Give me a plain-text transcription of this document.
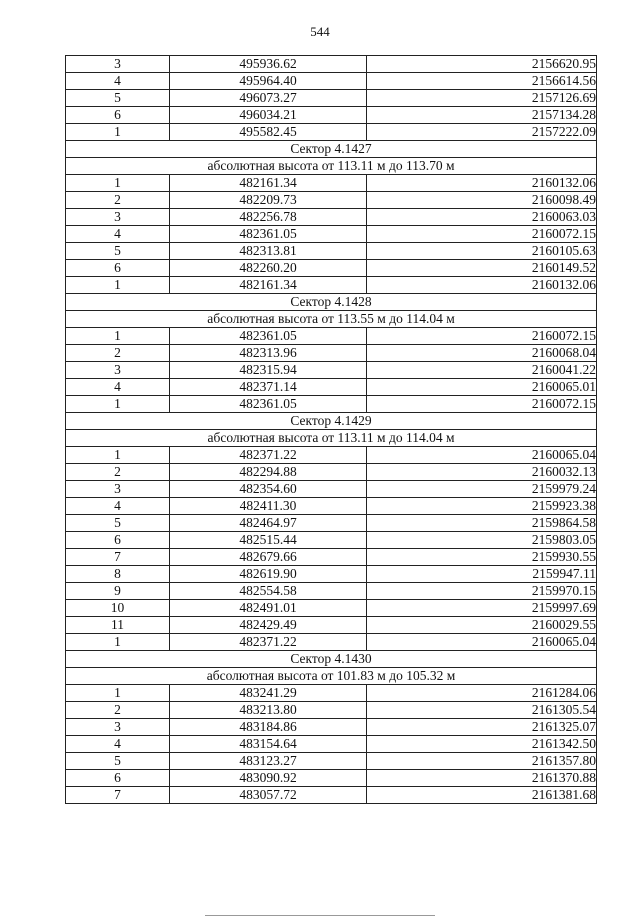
544
3	495936.62	2156620.95
4	495964.40	2156614.56
5	496073.27	2157126.69
6	496034.21	2157134.28
1	495582.45	2157222.09
Сектор 4.1427		
абсолютная высота от 113.11 м до 113.70 м		
1	482161.34	2160132.06
2	482209.73	2160098.49
3	482256.78	2160063.03
4	482361.05	2160072.15
5	482313.81	2160105.63
6	482260.20	2160149.52
1	482161.34	2160132.06
Сектор 4.1428		
абсолютная высота от 113.55 м до 114.04 м		
1	482361.05	2160072.15
2	482313.96	2160068.04
3	482315.94	2160041.22
4	482371.14	2160065.01
1	482361.05	2160072.15
Сектор 4.1429		
абсолютная высота от 113.11 м до 114.04 м		
1	482371.22	2160065.04
2	482294.88	2160032.13
3	482354.60	2159979.24
4	482411.30	2159923.38
5	482464.97	2159864.58
6	482515.44	2159803.05
7	482679.66	2159930.55
8	482619.90	2159947.11
9	482554.58	2159970.15
10	482491.01	2159997.69
11	482429.49	2160029.55
1	482371.22	2160065.04
Сектор 4.1430		
абсолютная высота от 101.83 м до 105.32 м		
1	483241.29	2161284.06
2	483213.80	2161305.54
3	483184.86	2161325.07
4	483154.64	2161342.50
5	483123.27	2161357.80
6	483090.92	2161370.88
7	483057.72	2161381.68
